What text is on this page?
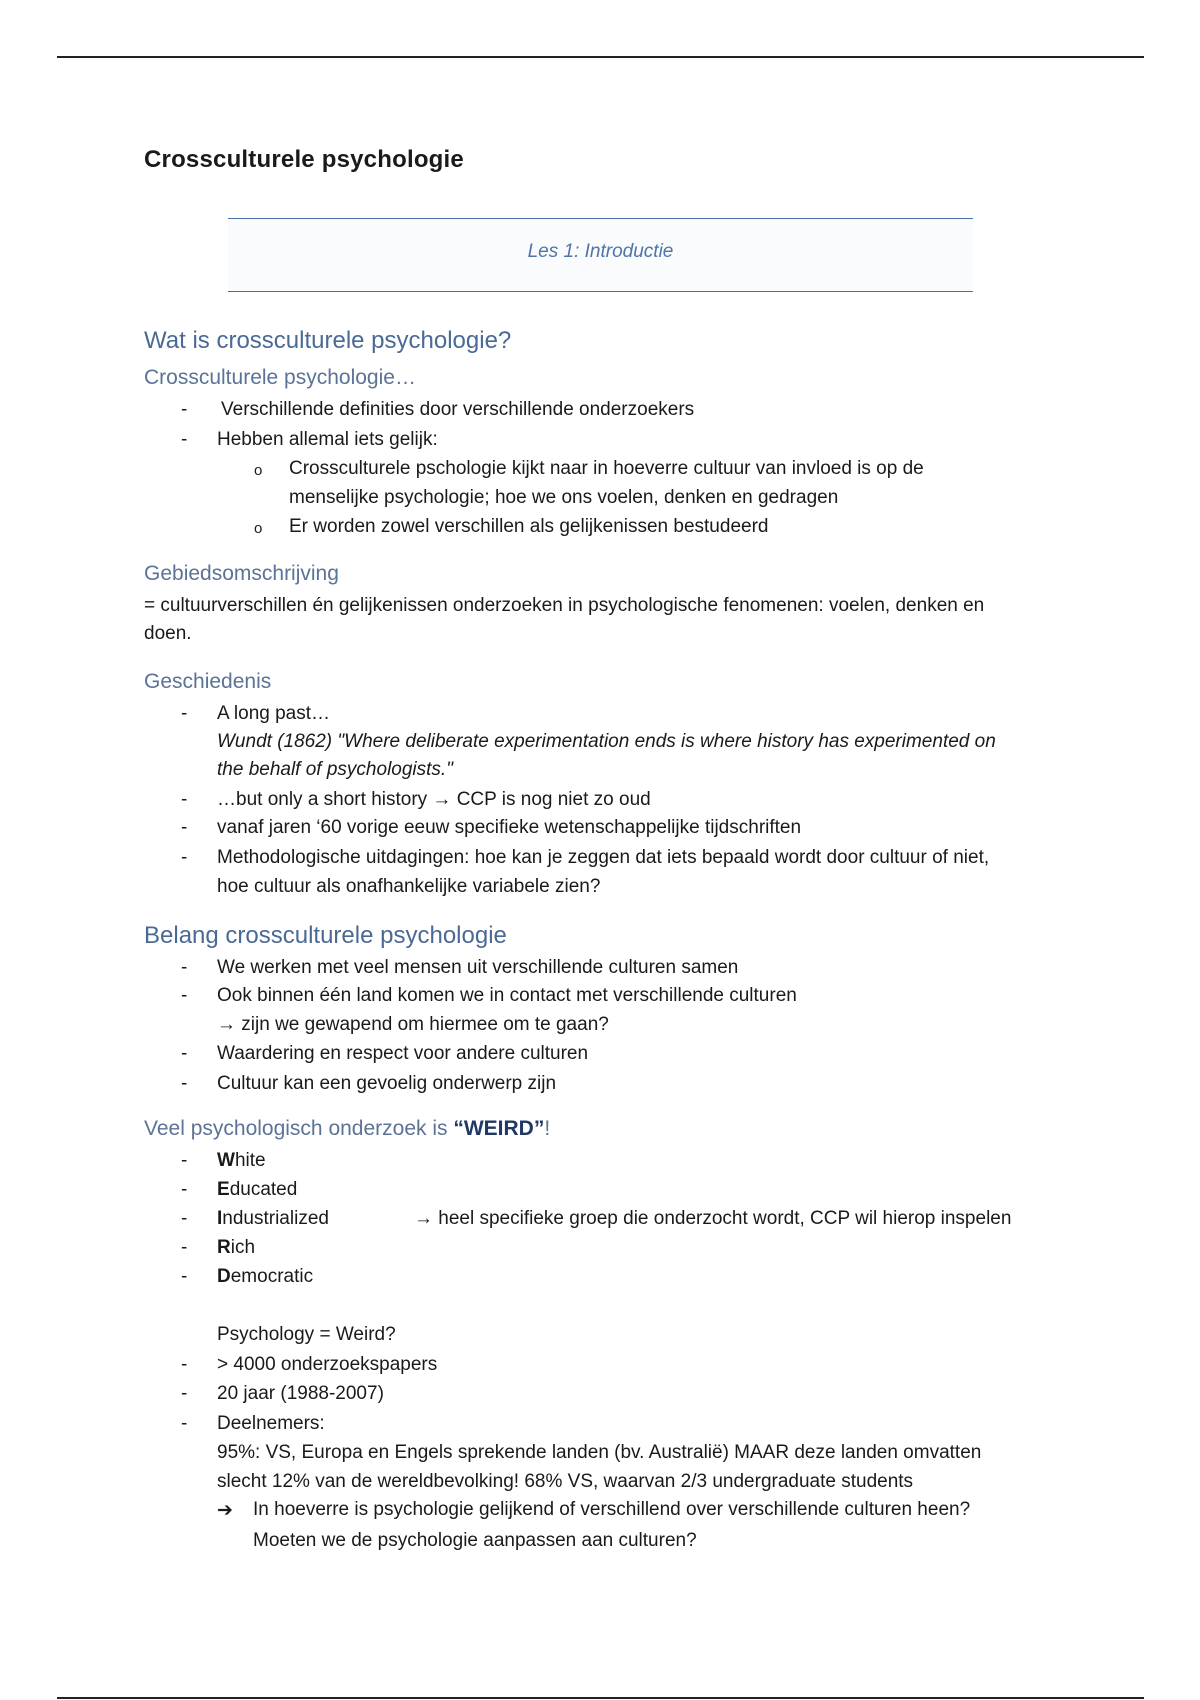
Crossculturele psychologie
Les 1: Introductie
Wat is crossculturele psychologie?
Crossculturele psychologie…
- Verschillende definities door verschillende onderzoekers
- Hebben allemal iets gelijk:
o Crossculturele pschologie kijkt naar in hoeverre cultuur van invloed is op de
menselijke psychologie; hoe we ons voelen, denken en gedragen
o Er worden zowel verschillen als gelijkenissen bestudeerd
Gebiedsomschrijving
= cultuurverschillen én gelijkenissen onderzoeken in psychologische fenomenen: voelen, denken en
doen.
Geschiedenis
- A long past…
Wundt (1862) "Where deliberate experimentation ends is where history has experimented on
the behalf of psychologists."
- …but only a short history → CCP is nog niet zo oud
- vanaf jaren ‘60 vorige eeuw specifieke wetenschappelijke tijdschriften
- Methodologische uitdagingen: hoe kan je zeggen dat iets bepaald wordt door cultuur of niet,
hoe cultuur als onafhankelijke variabele zien?
Belang crossculturele psychologie
- We werken met veel mensen uit verschillende culturen samen
- Ook binnen één land komen we in contact met verschillende culturen
→ zijn we gewapend om hiermee om te gaan?
- Waardering en respect voor andere culturen
- Cultuur kan een gevoelig onderwerp zijn
Veel psychologisch onderzoek is “WEIRD”!
- White
- Educated
- Industrialized	→ heel specifieke groep die onderzocht wordt, CCP wil hierop inspelen
- Rich
- Democratic
Psychology = Weird?
- > 4000 onderzoekspapers
- 20 jaar (1988-2007)
- Deelnemers:
95%: VS, Europa en Engels sprekende landen (bv. Australië) MAAR deze landen omvatten
slecht 12% van de wereldbevolking! 68% VS, waarvan 2/3 undergraduate students
➔ In hoeverre is psychologie gelijkend of verschillend over verschillende culturen heen?
Moeten we de psychologie aanpassen aan culturen?
